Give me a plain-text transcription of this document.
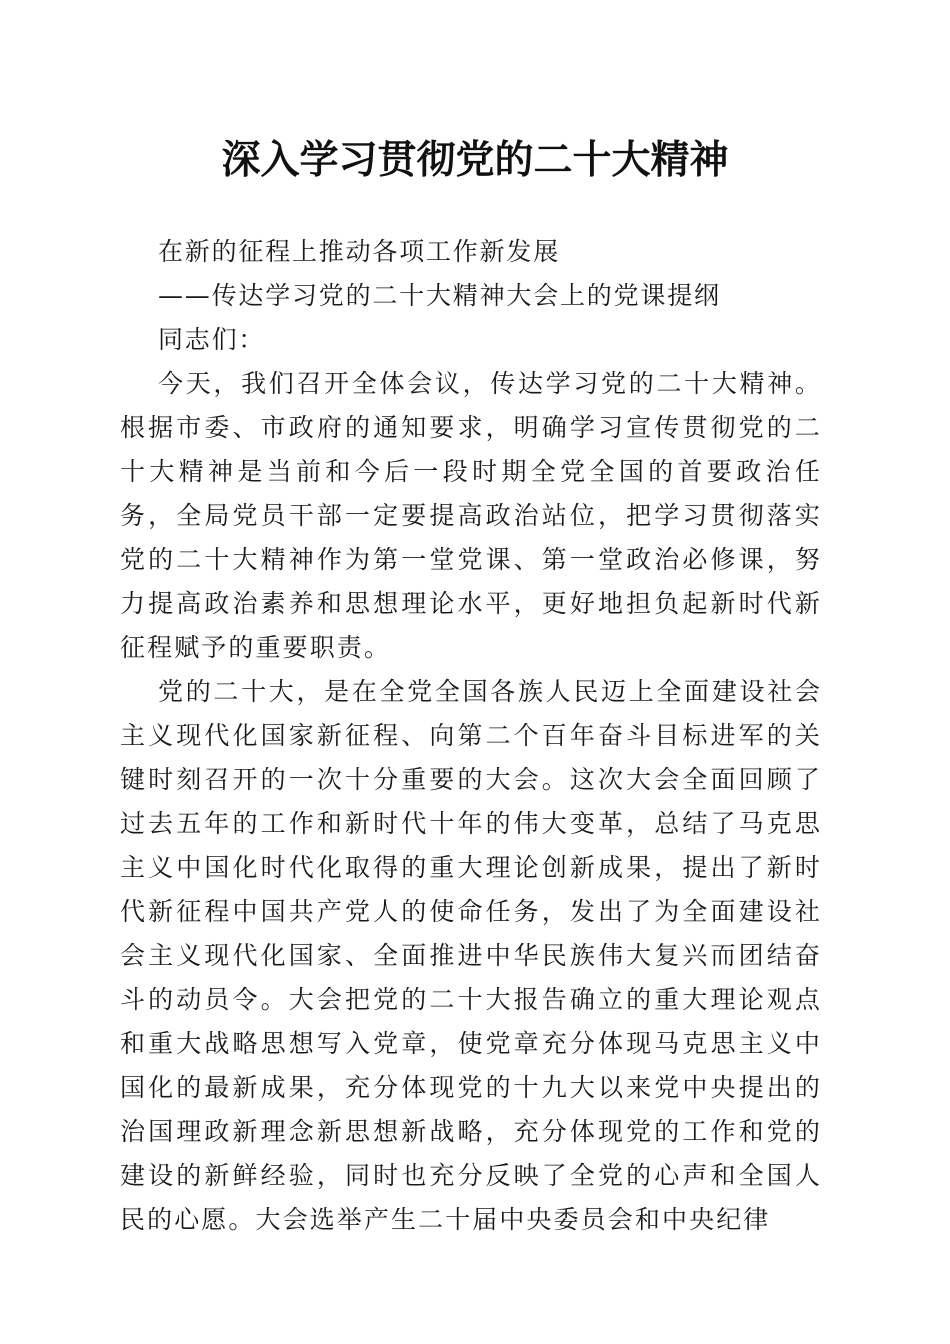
深入学习贯彻党的二十大精神

在新的征程上推动各项工作新发展

——传达学习党的二十大精神大会上的党课提纲

同志们：

今天，我们召开全体会议，传达学习党的二十大精神。根据市委、市政府的通知要求，明确学习宣传贯彻党的二十大精神是当前和今后一段时期全党全国的首要政治任务，全局党员干部一定要提高政治站位，把学习贯彻落实党的二十大精神作为第一堂党课、第一堂政治必修课，努力提高政治素养和思想理论水平，更好地担负起新时代新征程赋予的重要职责。

党的二十大，是在全党全国各族人民迈上全面建设社会主义现代化国家新征程、向第二个百年奋斗目标进军的关键时刻召开的一次十分重要的大会。这次大会全面回顾了过去五年的工作和新时代十年的伟大变革，总结了马克思主义中国化时代化取得的重大理论创新成果，提出了新时代新征程中国共产党人的使命任务，发出了为全面建设社会主义现代化国家、全面推进中华民族伟大复兴而团结奋斗的动员令。大会把党的二十大报告确立的重大理论观点和重大战略思想写入党章，使党章充分体现马克思主义中国化的最新成果，充分体现党的十九大以来党中央提出的治国理政新理念新思想新战略，充分体现党的工作和党的建设的新鲜经验，同时也充分反映了全党的心声和全国人民的心愿。大会选举产生二十届中央委员会和中央纪律
